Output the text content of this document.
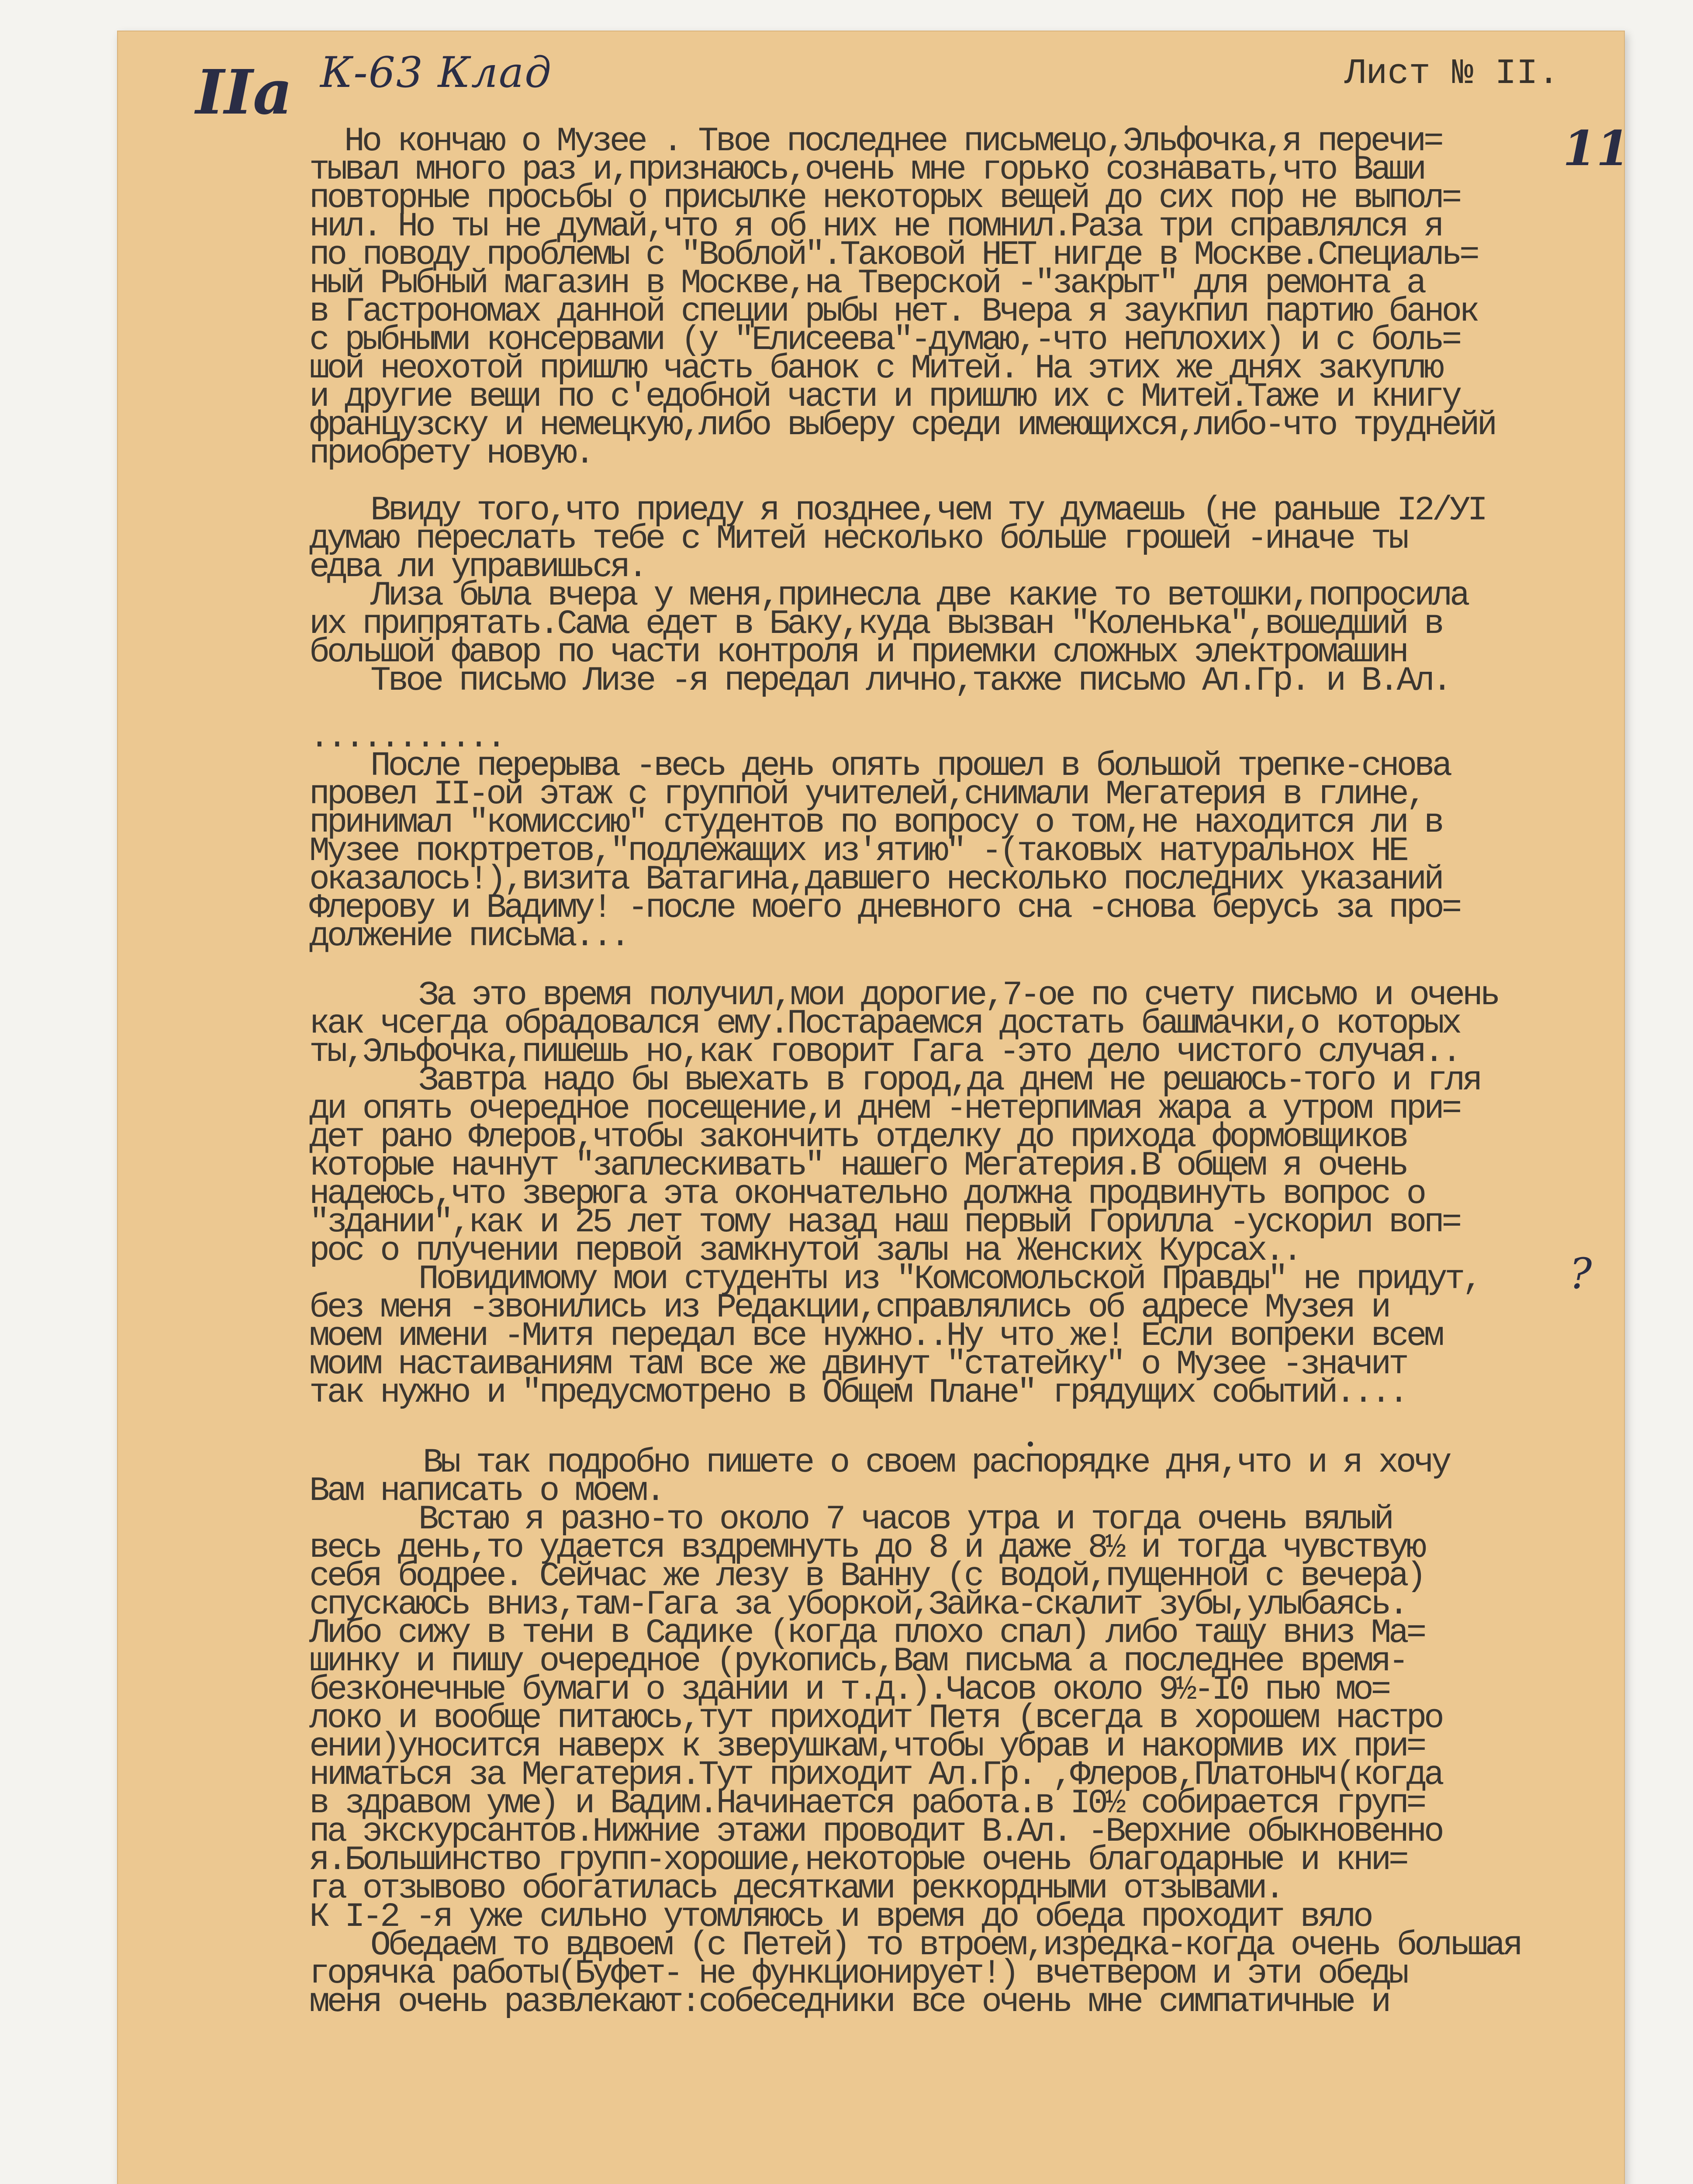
IIа К-63 Клад	Лист № II.
11
?
Но кончаю о Музее . Твое последнее письмецо,Эльфочка,я перечи=
тывал много раз и,признаюсь,очень мне горько сознавать,что Ваши
повторные просьбы о присылке некоторых вещей до сих пор не выпол=
нил. Но ты не думай,что я об них не помнил.Раза три справлялся я
по поводу проблемы с "Воблой".Таковой НЕТ нигде в Москве.Специаль=
ный Рыбный магазин в Москве,на Тверской -"закрыт" для ремонта а
в Гастрономах данной специи рыбы нет. Вчера я заукпил партию банок
с рыбными консервами (у "Елисеева"-думаю,-что неплохих) и с боль=
шой неохотой пришлю часть банок с Митей. На этих же днях закуплю
и другие вещи по с'едобной части и пришлю их с Митей.Таже и книгу
французску и немецкую,либо выберу среди имеющихся,либо-что труднейй
приобрету новую.
Ввиду того,что приеду я позднее,чем ту думаешь (не раньше I2/УI
думаю переслать тебе с Митей несколько больше грошей -иначе ты
едва ли управишься.
Лиза была вчера у меня,принесла две какие то ветошки,попросила
их припрятать.Сама едет в Баку,куда вызван "Коленька",вошедший в
большой фавор по части контроля и приемки сложных электромашин
Твое письмо Лизе -я передал лично,также письмо Ал.Гр. и В.Ал.
...........
После перерыва -весь день опять прошел в большой трепке-снова
провел II-ой этаж с группой учителей,снимали Мегатерия в глине,
принимал "комиссию" студентов по вопросу о том,не находится ли в
Музее покртретов,"подлежащих из'ятию" -(таковых натуральнох НЕ
оказалось!),визита Ватагина,давшего несколько последних указаний
Флерову и Вадиму! -после моего дневного сна -снова берусь за про=
должение письма...
За это время получил,мои дорогие,7-ое по счету письмо и очень
как чсегда обрадовался ему.Постараемся достать башмачки,о которых
ты,Эльфочка,пишешь но,как говорит Гага -это дело чистого случая..
Завтра надо бы выехать в город,да днем не решаюсь-того и гля
ди опять очередное посещение,и днем -нетерпимая жара а утром при=
дет рано Флеров,чтобы закончить отделку до прихода формовщиков
которые начнут "заплескивать" нашего Мегатерия.В общем я очень
надеюсь,что зверюга эта окончательно должна продвинуть вопрос о
"здании",как и 25 лет тому назад наш первый Горилла -ускорил воп=
рос о плучении первой замкнутой залы на Женских Курсах..
Повидимому мои студенты из "Комсомольской Правды" не придут,
без меня -звонились из Редакции,справлялись об адресе Музея и
моем имени -Митя передал все нужно..Ну что же! Если вопреки всем
моим настаиваниям там все же двинут "статейку" о Музее -значит
так нужно и "предусмотрено в Общем Плане" грядущих событий....
Вы так подробно пишете о своем распорядке дня,что и я хочу
Вам написать о моем.
Встаю я разно-то около 7 часов утра и тогда очень вялый
весь день,то удается вздремнуть до 8 и даже 8½ и тогда чувствую
себя бодрее. Сейчас же лезу в Ванну (с водой,пущенной с вечера)
спускаюсь вниз,там-Гага за уборкой,Зайка-скалит зубы,улыбаясь.
Либо сижу в тени в Садике (когда плохо спал) либо тащу вниз Ма=
шинку и пишу очередное (рукопись,Вам письма а последнее время-
безконечные бумаги о здании и т.д.).Часов около 9½-I0 пью мо=
локо и вообще питаюсь,тут приходит Петя (всегда в хорошем настро
ении)уносится наверх к зверушкам,чтобы убрав и накормив их при=
ниматься за Мегатерия.Тут приходит Ал.Гр. ,Флеров,Платоныч(когда
в здравом уме) и Вадим.Начинается работа.в I0½ собирается груп=
па экскурсантов.Нижние этажи проводит В.Ал. -Верхние обыкновенно
я.Большинство групп-хорошие,некоторые очень благодарные и кни=
га отзывово обогатилась десятками реккордными отзывами.
К I-2 -я уже сильно утомляюсь и время до обеда проходит вяло
Обедаем то вдвоем (с Петей) то втроем,изредка-когда очень большая
горячка работы(Буфет- не функционирует!) вчетвером и эти обеды
меня очень развлекают:собеседники все очень мне симпатичные и
